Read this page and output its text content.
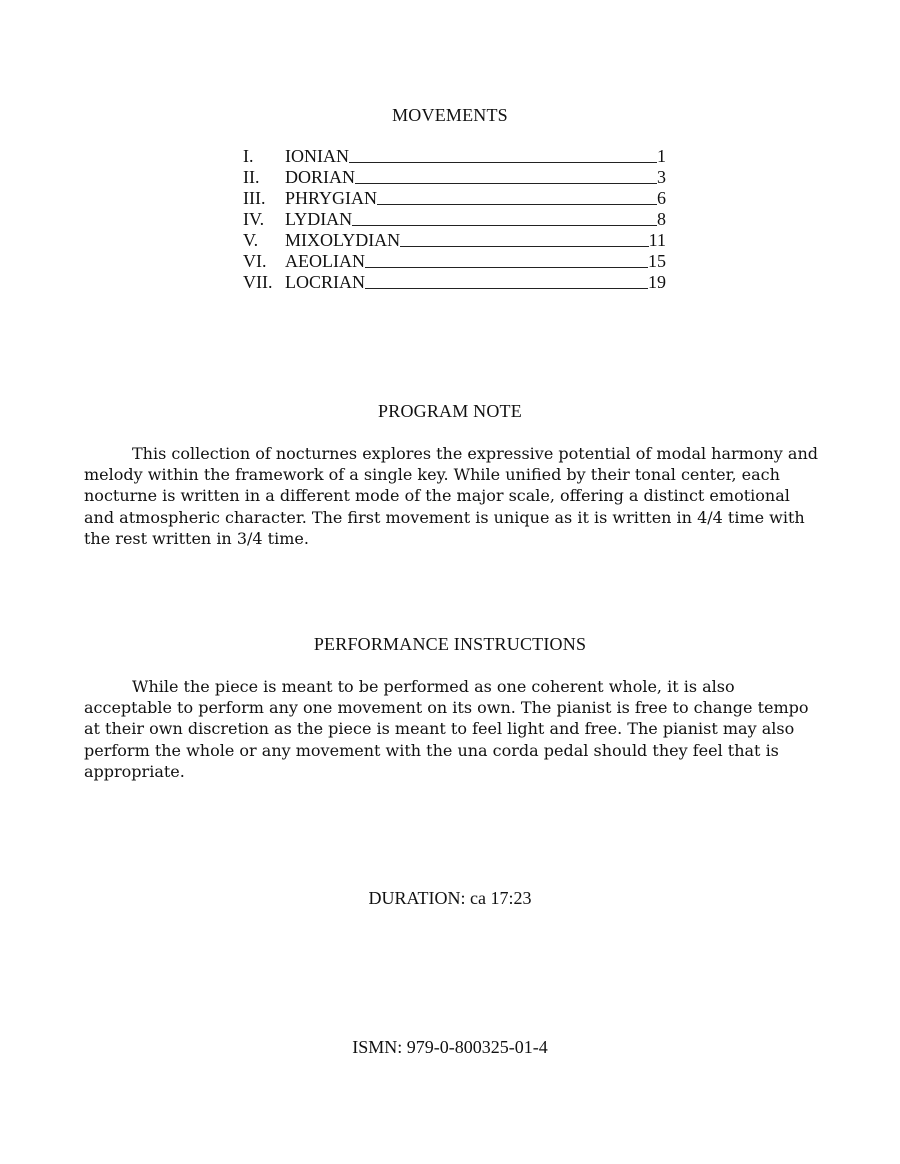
MOVEMENTS
I.	IONIAN	1
II.	DORIAN	3
III.	PHRYGIAN	6
IV.	LYDIAN	8
V.	MIXOLYDIAN	11
VI.	AEOLIAN	15
VII. LOCRIAN	19
PROGRAM NOTE
This collection of nocturnes explores the expressive potential of modal harmony and
melody within the framework of a single key. While unified by their tonal center, each
nocturne is written in a different mode of the major scale, offering a distinct emotional
and atmospheric character. The first movement is unique as it is written in 4/4 time with
the rest written in 3/4 time.
PERFORMANCE INSTRUCTIONS
While the piece is meant to be performed as one coherent whole, it is also
acceptable to perform any one movement on its own. The pianist is free to change tempo
at their own discretion as the piece is meant to feel light and free. The pianist may also
perform the whole or any movement with the una corda pedal should they feel that is
appropriate.
DURATION: ca 17:23
ISMN: 979-0-800325-01-4
